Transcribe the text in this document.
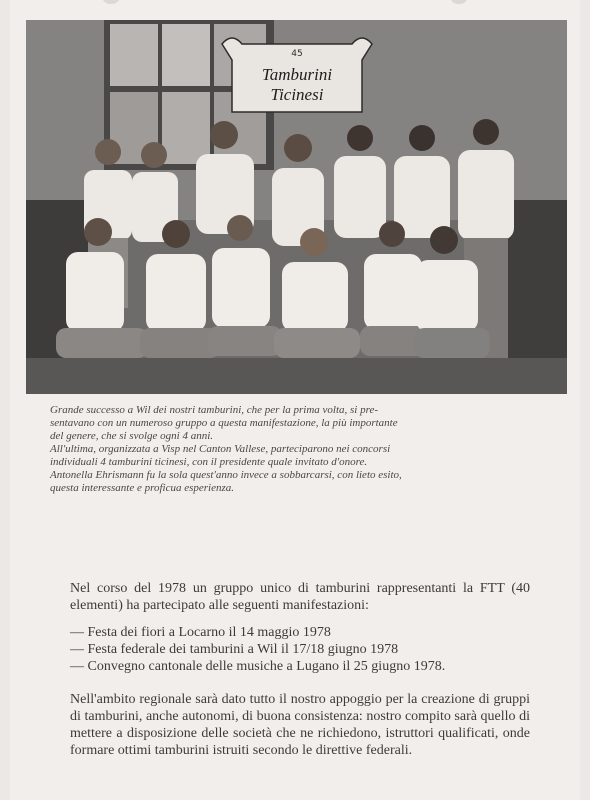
45
Tamburini
Ticinesi

Grande successo a Wil dei nostri tamburini, che per la prima volta, si pre-

sentavano con un numeroso gruppo a questa manifestazione, la più importante

del genere, che si svolge ogni 4 anni.

All'ultima, organizzata a Visp nel Canton Vallese, parteciparono nei concorsi

individuali 4 tamburini ticinesi, con il presidente quale invitato d'onore.

Antonella Ehrismann fu la sola quest'anno invece a sobbarcarsi, con lieto esito,

questa interessante e proficua esperienza.

Nel corso del 1978 un gruppo unico di tamburini rappresentanti la FTT (40 elementi) ha partecipato alle seguenti manifestazioni:

— Festa dei fiori a Locarno il 14 maggio 1978
— Festa federale dei tamburini a Wil il 17/18 giugno 1978
— Convegno cantonale delle musiche a Lugano il 25 giugno 1978.

Nell'ambito regionale sarà dato tutto il nostro appoggio per la creazione di gruppi di tamburini, anche autonomi, di buona consistenza: nostro compito sarà quello di mettere a disposizione delle società che ne richiedono, istruttori qualificati, onde formare ottimi tamburini istruiti secondo le direttive federali.
